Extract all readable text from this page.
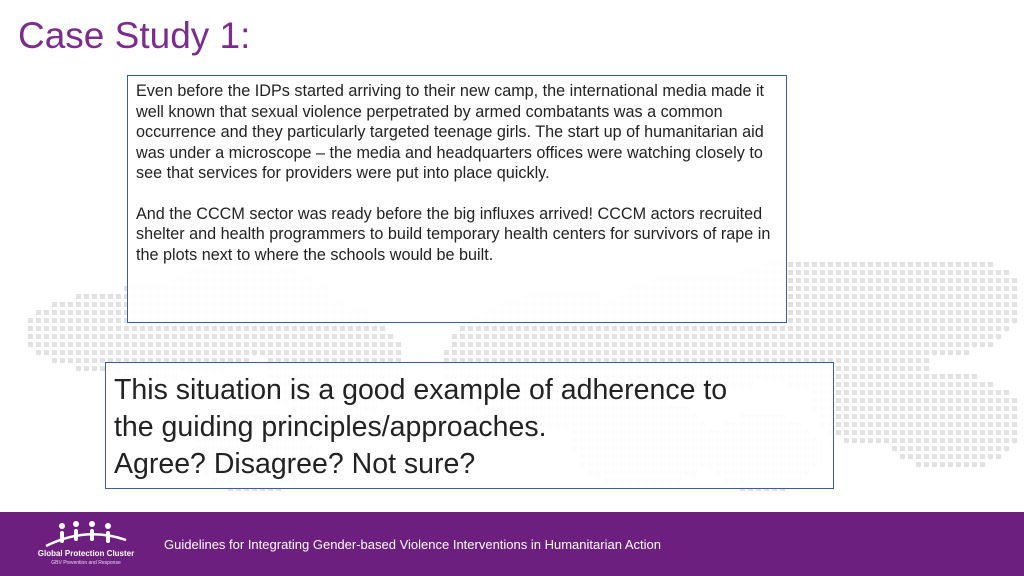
Case Study 1:

Even before the IDPs started arriving to their new camp, the international media made it well known that sexual violence perpetrated by armed combatants was a common occurrence and they particularly targeted teenage girls. The start up of humanitarian aid was under a microscope – the media and headquarters offices were watching closely to see that services for providers were put into place quickly.

And the CCCM sector was ready before the big influxes arrived! CCCM actors recruited shelter and health programmers to build temporary health centers for survivors of rape in the plots next to where the schools would be built.

This situation is a good example of adherence to
the guiding principles/approaches.
Agree? Disagree? Not sure?
Global Protection Cluster
GBV Prevention and Response
Guidelines for Integrating Gender-based Violence Interventions in Humanitarian Action
